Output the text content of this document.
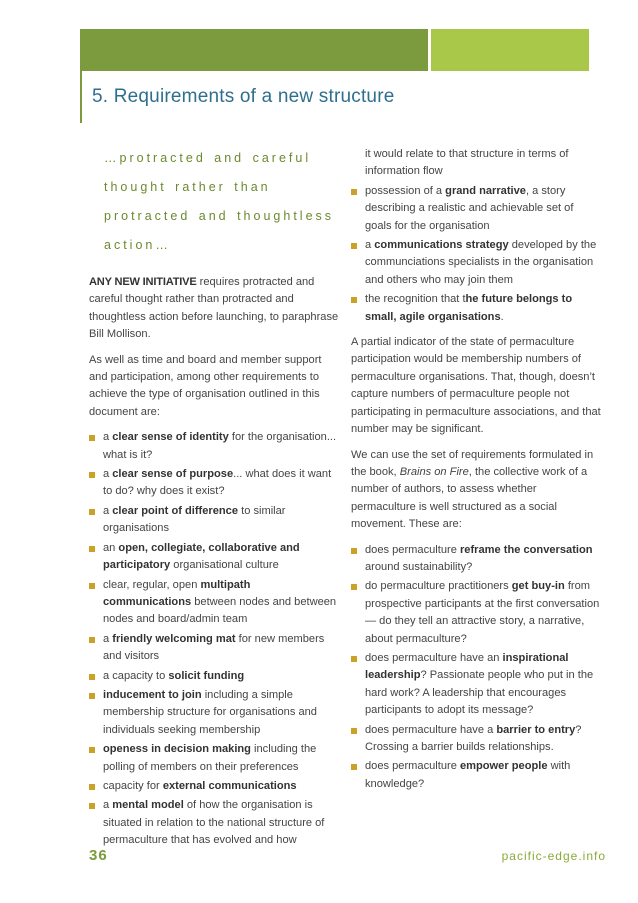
5. Requirements of a new structure
…protracted and careful thought rather than protracted and thoughtless action…

ANY NEW INITIATIVE requires protracted and careful thought rather than protracted and thoughtless action before launching, to paraphrase Bill Mollison.

As well as time and board and member support and participation, among other requirements to achieve the type of organisation outlined in this document are:

a clear sense of identity for the organisation... what is it?
a clear sense of purpose... what does it want to do? why does it exist?
a clear point of difference to similar organisations
an open, collegiate, collaborative and participatory organisational culture
clear, regular, open multipath communications between nodes and between nodes and board/admin team
a friendly welcoming mat for new members and visitors
a capacity to solicit funding
inducement to join including a simple membership structure for organisations and individuals seeking membership
openess in decision making including the polling of members on their preferences
capacity for external communications
a mental model of how the organisation is situated in relation to the national structure of permaculture that has evolved and how
it would relate to that structure in terms of information flow
possession of a grand narrative, a story describing a realistic and achievable set of goals for the organisation
a communications strategy developed by the communciations specialists in the organisation and others who may join them
the recognition that the future belongs to small, agile organisations.

A partial indicator of the state of permaculture participation would be membership numbers of permaculture organisations. That, though, doesn’t capture numbers of permaculture people not participating in permaculture associations, and that number may be significant.

We can use the set of requirements formulated in the book, Brains on Fire, the collective work of a number of authors, to assess whether permaculture is well structured as a social movement. These are:

does permaculture reframe the conversation around sustainability?
do permaculture practitioners get buy-in from prospective participants at the first conversation — do they tell an attractive story, a narrative, about permaculture?
does permaculture have an inspirational leadership? Passionate people who put in the hard work? A leadership that encourages participants to adopt its message?
does permaculture have a barrier to entry? Crossing a barrier builds relationships.
does permaculture empower people with knowledge?
36	pacific-edge.info
